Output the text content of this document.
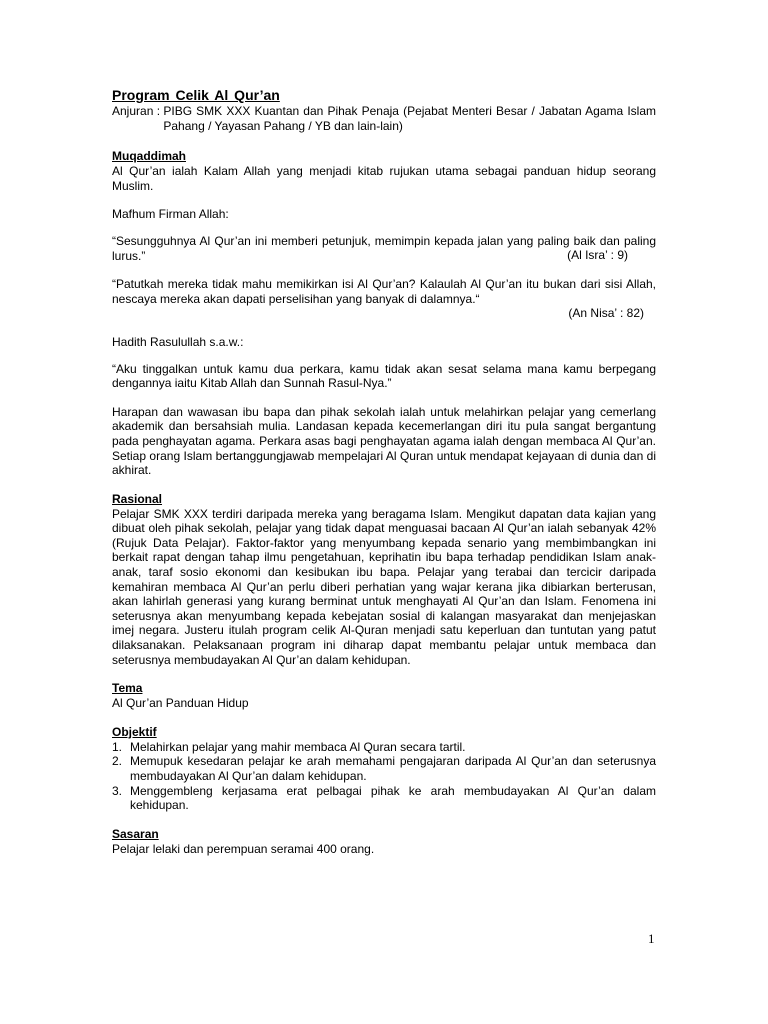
Program Celik Al Qur’an
Anjuran : PIBG SMK XXX Kuantan dan Pihak Penaja (Pejabat Menteri Besar / Jabatan Agama Islam Pahang / Yayasan Pahang / YB dan lain-lain)
Muqaddimah
Al Qur’an ialah Kalam Allah yang menjadi kitab rujukan utama sebagai panduan hidup seorang Muslim.
Mafhum Firman Allah:
“Sesungguhnya Al Qur’an ini memberi petunjuk, memimpin kepada jalan yang paling baik dan paling lurus.”	(Al Isra’ : 9)
“Patutkah mereka tidak mahu memikirkan isi Al Qur’an? Kalaulah Al Qur’an itu bukan dari sisi Allah, nescaya mereka akan dapati perselisihan yang banyak di dalamnya.“
(An Nisa’ : 82)
Hadith Rasulullah s.a.w.:
“Aku tinggalkan untuk kamu dua perkara, kamu tidak akan sesat selama mana kamu berpegang dengannya iaitu Kitab Allah dan Sunnah Rasul-Nya.”
Harapan dan wawasan ibu bapa dan pihak sekolah ialah untuk melahirkan pelajar yang cemerlang akademik dan bersahsiah mulia. Landasan kepada kecemerlangan diri itu pula sangat bergantung pada penghayatan agama. Perkara asas bagi penghayatan agama ialah dengan membaca Al Qur’an. Setiap orang Islam bertanggungjawab mempelajari Al Quran untuk mendapat kejayaan di dunia dan di akhirat.
Rasional
Pelajar SMK XXX terdiri daripada mereka yang beragama Islam. Mengikut dapatan data kajian yang dibuat oleh pihak sekolah, pelajar yang tidak dapat menguasai bacaan Al Qur’an ialah sebanyak 42% (Rujuk Data Pelajar). Faktor-faktor yang menyumbang kepada senario yang membimbangkan ini berkait rapat dengan tahap ilmu pengetahuan, keprihatin ibu bapa terhadap pendidikan Islam anak-anak, taraf sosio ekonomi dan kesibukan ibu bapa. Pelajar yang terabai dan tercicir daripada kemahiran membaca Al Qur’an perlu diberi perhatian yang wajar kerana jika dibiarkan berterusan, akan lahirlah generasi yang kurang berminat untuk menghayati Al Qur’an dan Islam. Fenomena ini seterusnya akan menyumbang kepada kebejatan sosial di kalangan masyarakat dan menjejaskan imej negara. Justeru itulah program celik Al-Quran menjadi satu keperluan dan tuntutan yang patut dilaksanakan. Pelaksanaan program ini diharap dapat membantu pelajar untuk membaca dan seterusnya membudayakan Al Qur’an dalam kehidupan.
Tema
Al Qur’an Panduan Hidup
Objektif
1. Melahirkan pelajar yang mahir membaca Al Quran secara tartil.
2. Memupuk kesedaran pelajar ke arah memahami pengajaran daripada Al Qur’an dan seterusnya membudayakan Al Qur’an dalam kehidupan.
3. Menggembleng kerjasama erat pelbagai pihak ke arah membudayakan Al Qur’an dalam kehidupan.
Sasaran
Pelajar lelaki dan perempuan seramai 400 orang.
1
